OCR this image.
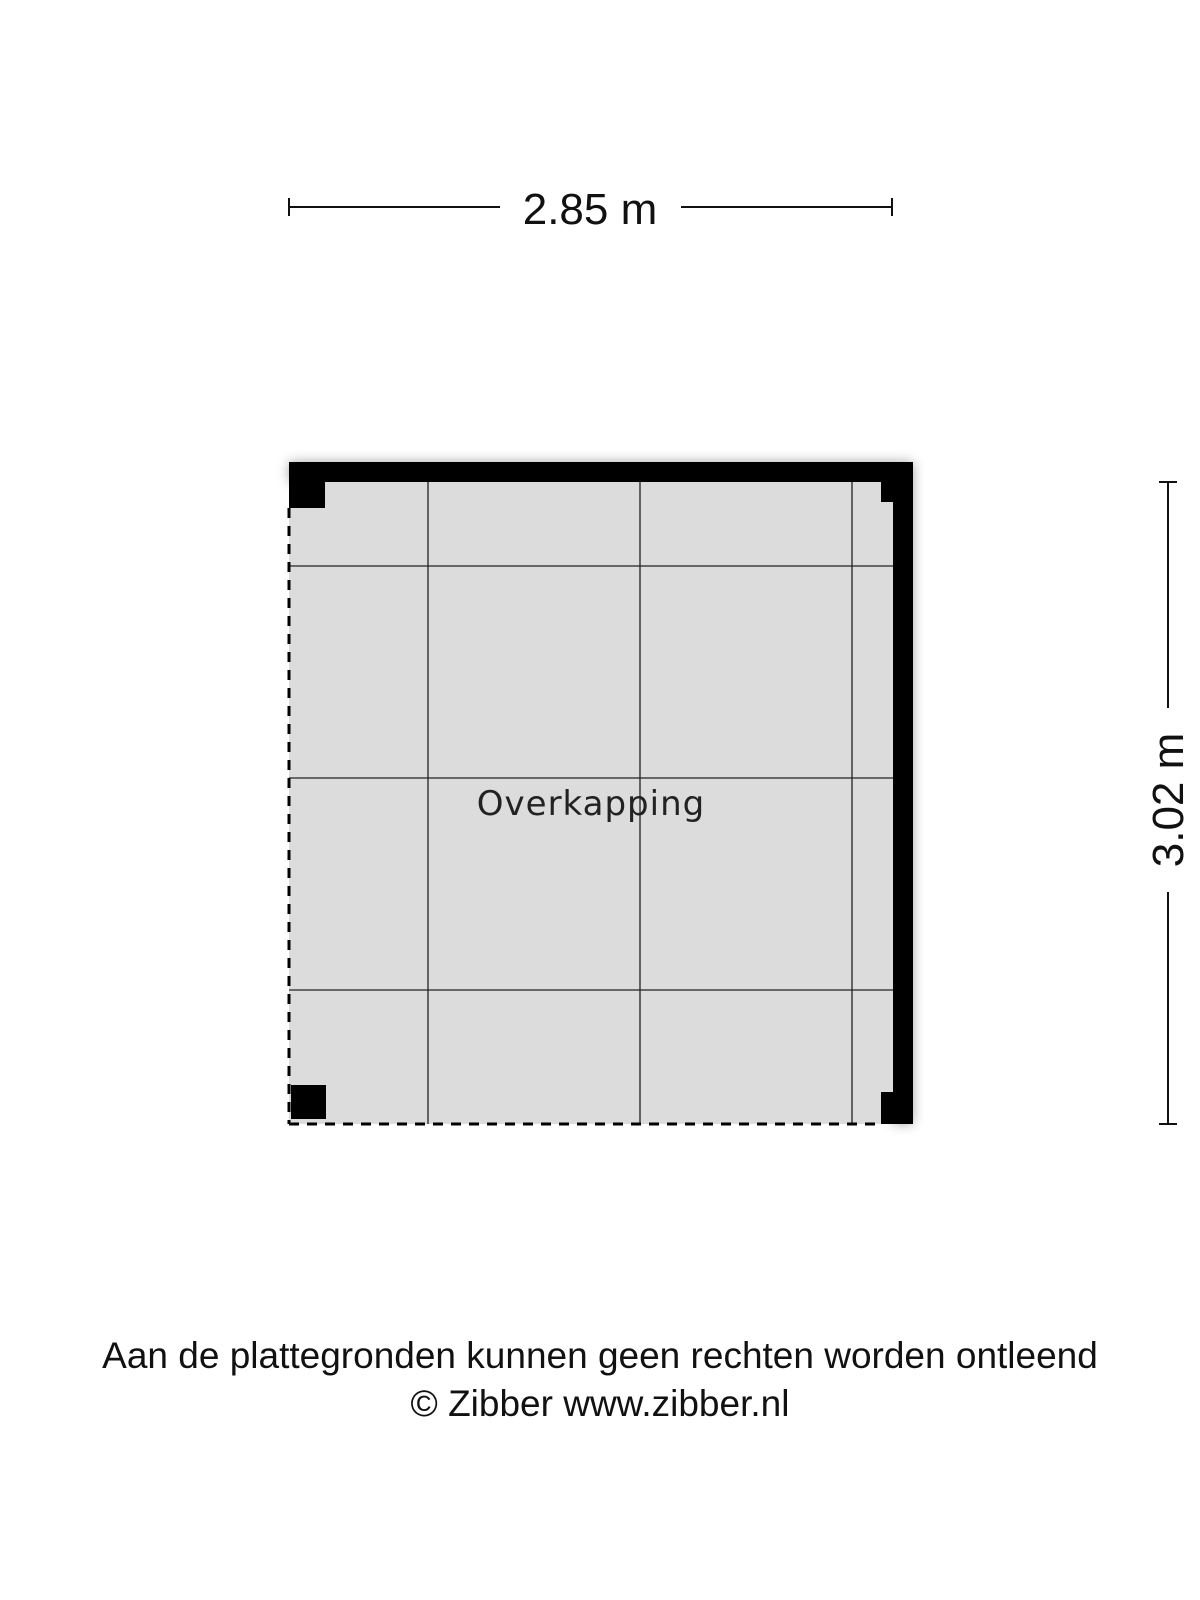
2.85 m
3.02 m
Overkapping
Aan de plattegronden kunnen geen rechten worden ontleend
© Zibber www.zibber.nl
